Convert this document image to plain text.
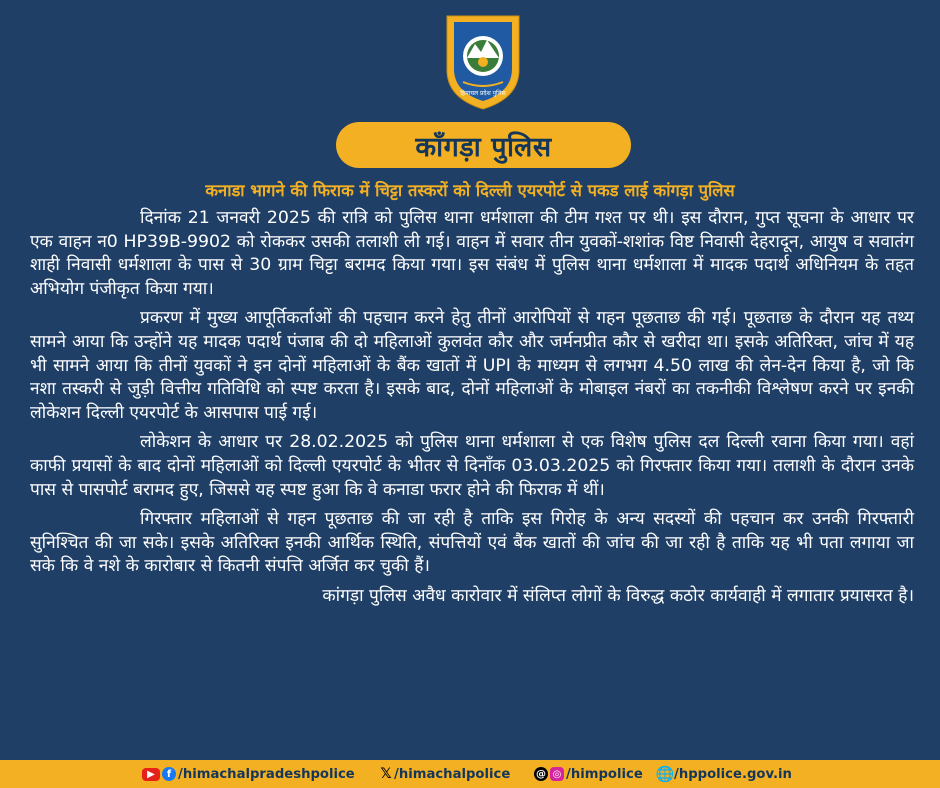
हिमाचल प्रदेश पुलिस
काँगड़ा पुलिस
कनाडा भागने की फिराक में चिट्टा तस्करों को दिल्ली एयरपोर्ट से पकड लाई कांगड़ा पुलिस

दिनांक 21 जनवरी 2025 की रात्रि को पुलिस थाना धर्मशाला की टीम गश्त पर थी। इस दौरान, गुप्त सूचना के आधार पर एक वाहन न0 HP39B-9902 को रोककर उसकी तलाशी ली गई। वाहन में सवार तीन युवकों-शशांक विष्ट निवासी देहरादून, आयुष व सवातंग शाही निवासी धर्मशाला के पास से 30 ग्राम चिट्टा बरामद किया गया। इस संबंध में पुलिस थाना धर्मशाला में मादक पदार्थ अधिनियम के तहत अभियोग पंजीकृत किया गया।

प्रकरण में मुख्य आपूर्तिकर्ताओं की पहचान करने हेतु तीनों आरोपियों से गहन पूछताछ की गई। पूछताछ के दौरान यह तथ्य सामने आया कि उन्होंने यह मादक पदार्थ पंजाब की दो महिलाओं कुलवंत कौर और जर्मनप्रीत कौर से खरीदा था। इसके अतिरिक्त, जांच में यह भी सामने आया कि तीनों युवकों ने इन दोनों महिलाओं के बैंक खातों में UPI के माध्यम से लगभग 4.50 लाख की लेन-देन किया है, जो कि नशा तस्करी से जुड़ी वित्तीय गतिविधि को स्पष्ट करता है। इसके बाद, दोनों महिलाओं के मोबाइल नंबरों का तकनीकी विश्लेषण करने पर इनकी लोकेशन दिल्ली एयरपोर्ट के आसपास पाई गई।

लोकेशन के आधार पर 28.02.2025 को पुलिस थाना धर्मशाला से एक विशेष पुलिस दल दिल्ली रवाना किया गया। वहां काफी प्रयासों के बाद दोनों महिलाओं को दिल्ली एयरपोर्ट के भीतर से दिनाँक 03.03.2025 को गिरफ्तार किया गया। तलाशी के दौरान उनके पास से पासपोर्ट बरामद हुए, जिससे यह स्पष्ट हुआ कि वे कनाडा फरार होने की फिराक में थीं।

गिरफ्तार महिलाओं से गहन पूछताछ की जा रही है ताकि इस गिरोह के अन्य सदस्यों की पहचान कर उनकी गिरफ्तारी सुनिश्चित की जा सके। इसके अतिरिक्त इनकी आर्थिक स्थिति, संपत्तियों एवं बैंक खातों की जांच की जा रही है ताकि यह भी पता लगाया जा सके कि वे नशे के कारोबार से कितनी संपत्ति अर्जित कर चुकी हैं।

कांगड़ा पुलिस अवैध कारोवार में संलिप्त लोगों के विरुद्ध कठोर कार्यवाही में लगातार प्रयासरत है।

▶	f /himachalpradeshpolice 𝕏 /himachalpolice	@ ◎ /himpolice 🌐 /hppolice.gov.in
